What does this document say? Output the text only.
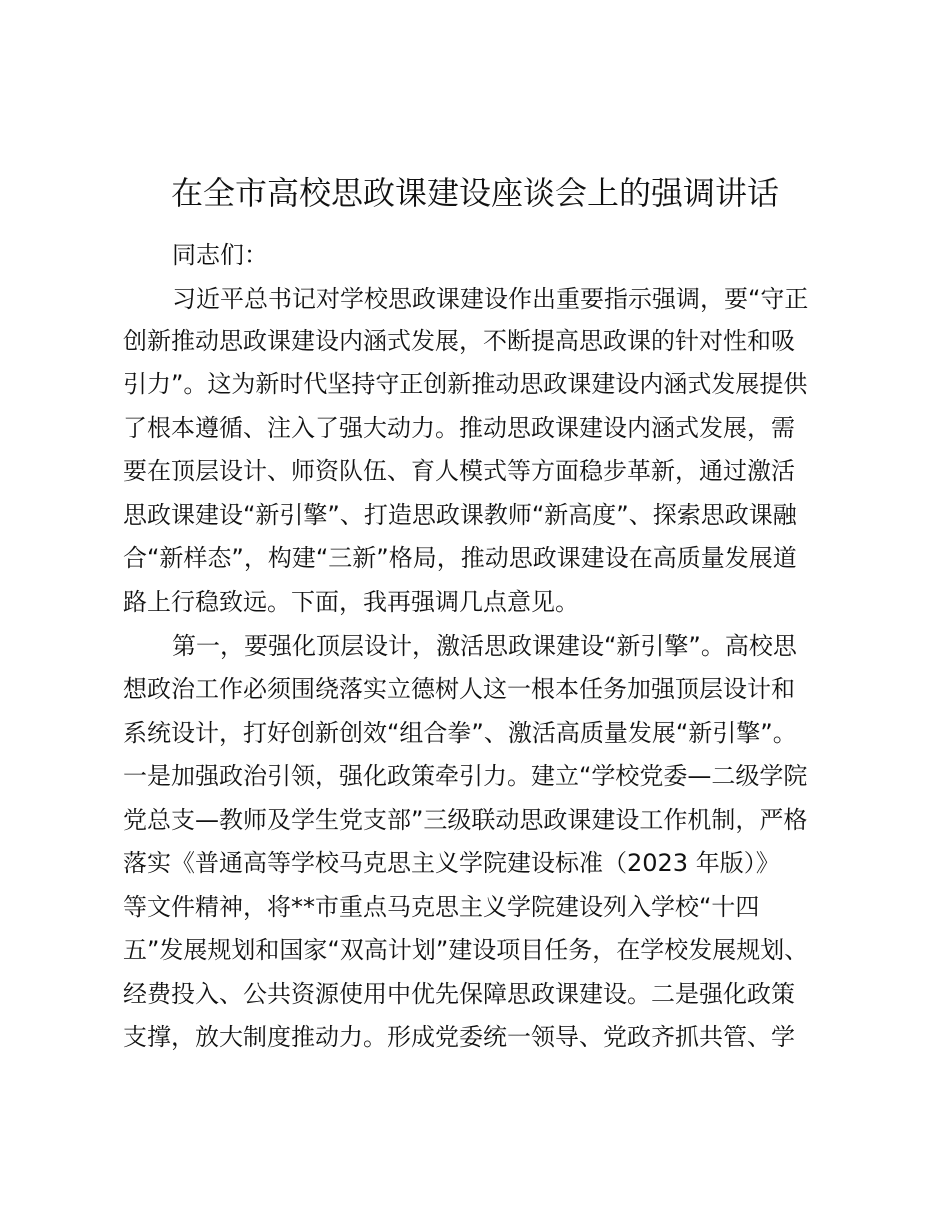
在全市高校思政课建设座谈会上的强调讲话

同志们：

习近平总书记对学校思政课建设作出重要指示强调，要“守正

创新推动思政课建设内涵式发展，不断提高思政课的针对性和吸

引力”。这为新时代坚持守正创新推动思政课建设内涵式发展提供

了根本遵循、注入了强大动力。推动思政课建设内涵式发展，需

要在顶层设计、师资队伍、育人模式等方面稳步革新，通过激活

思政课建设“新引擎”、打造思政课教师“新高度”、探索思政课融

合“新样态”，构建“三新”格局，推动思政课建设在高质量发展道

路上行稳致远。下面，我再强调几点意见。

第一，要强化顶层设计，激活思政课建设“新引擎”。高校思

想政治工作必须围绕落实立德树人这一根本任务加强顶层设计和

系统设计，打好创新创效“组合拳”、激活高质量发展“新引擎”。

一是加强政治引领，强化政策牵引力。建立“学校党委—二级学院

党总支—教师及学生党支部”三级联动思政课建设工作机制，严格

落实《普通高等学校马克思主义学院建设标准（2023 年版）》

等文件精神，将**市重点马克思主义学院建设列入学校“十四

五”发展规划和国家“双高计划”建设项目任务，在学校发展规划、

经费投入、公共资源使用中优先保障思政课建设。二是强化政策

支撑，放大制度推动力。形成党委统一领导、党政齐抓共管、学
